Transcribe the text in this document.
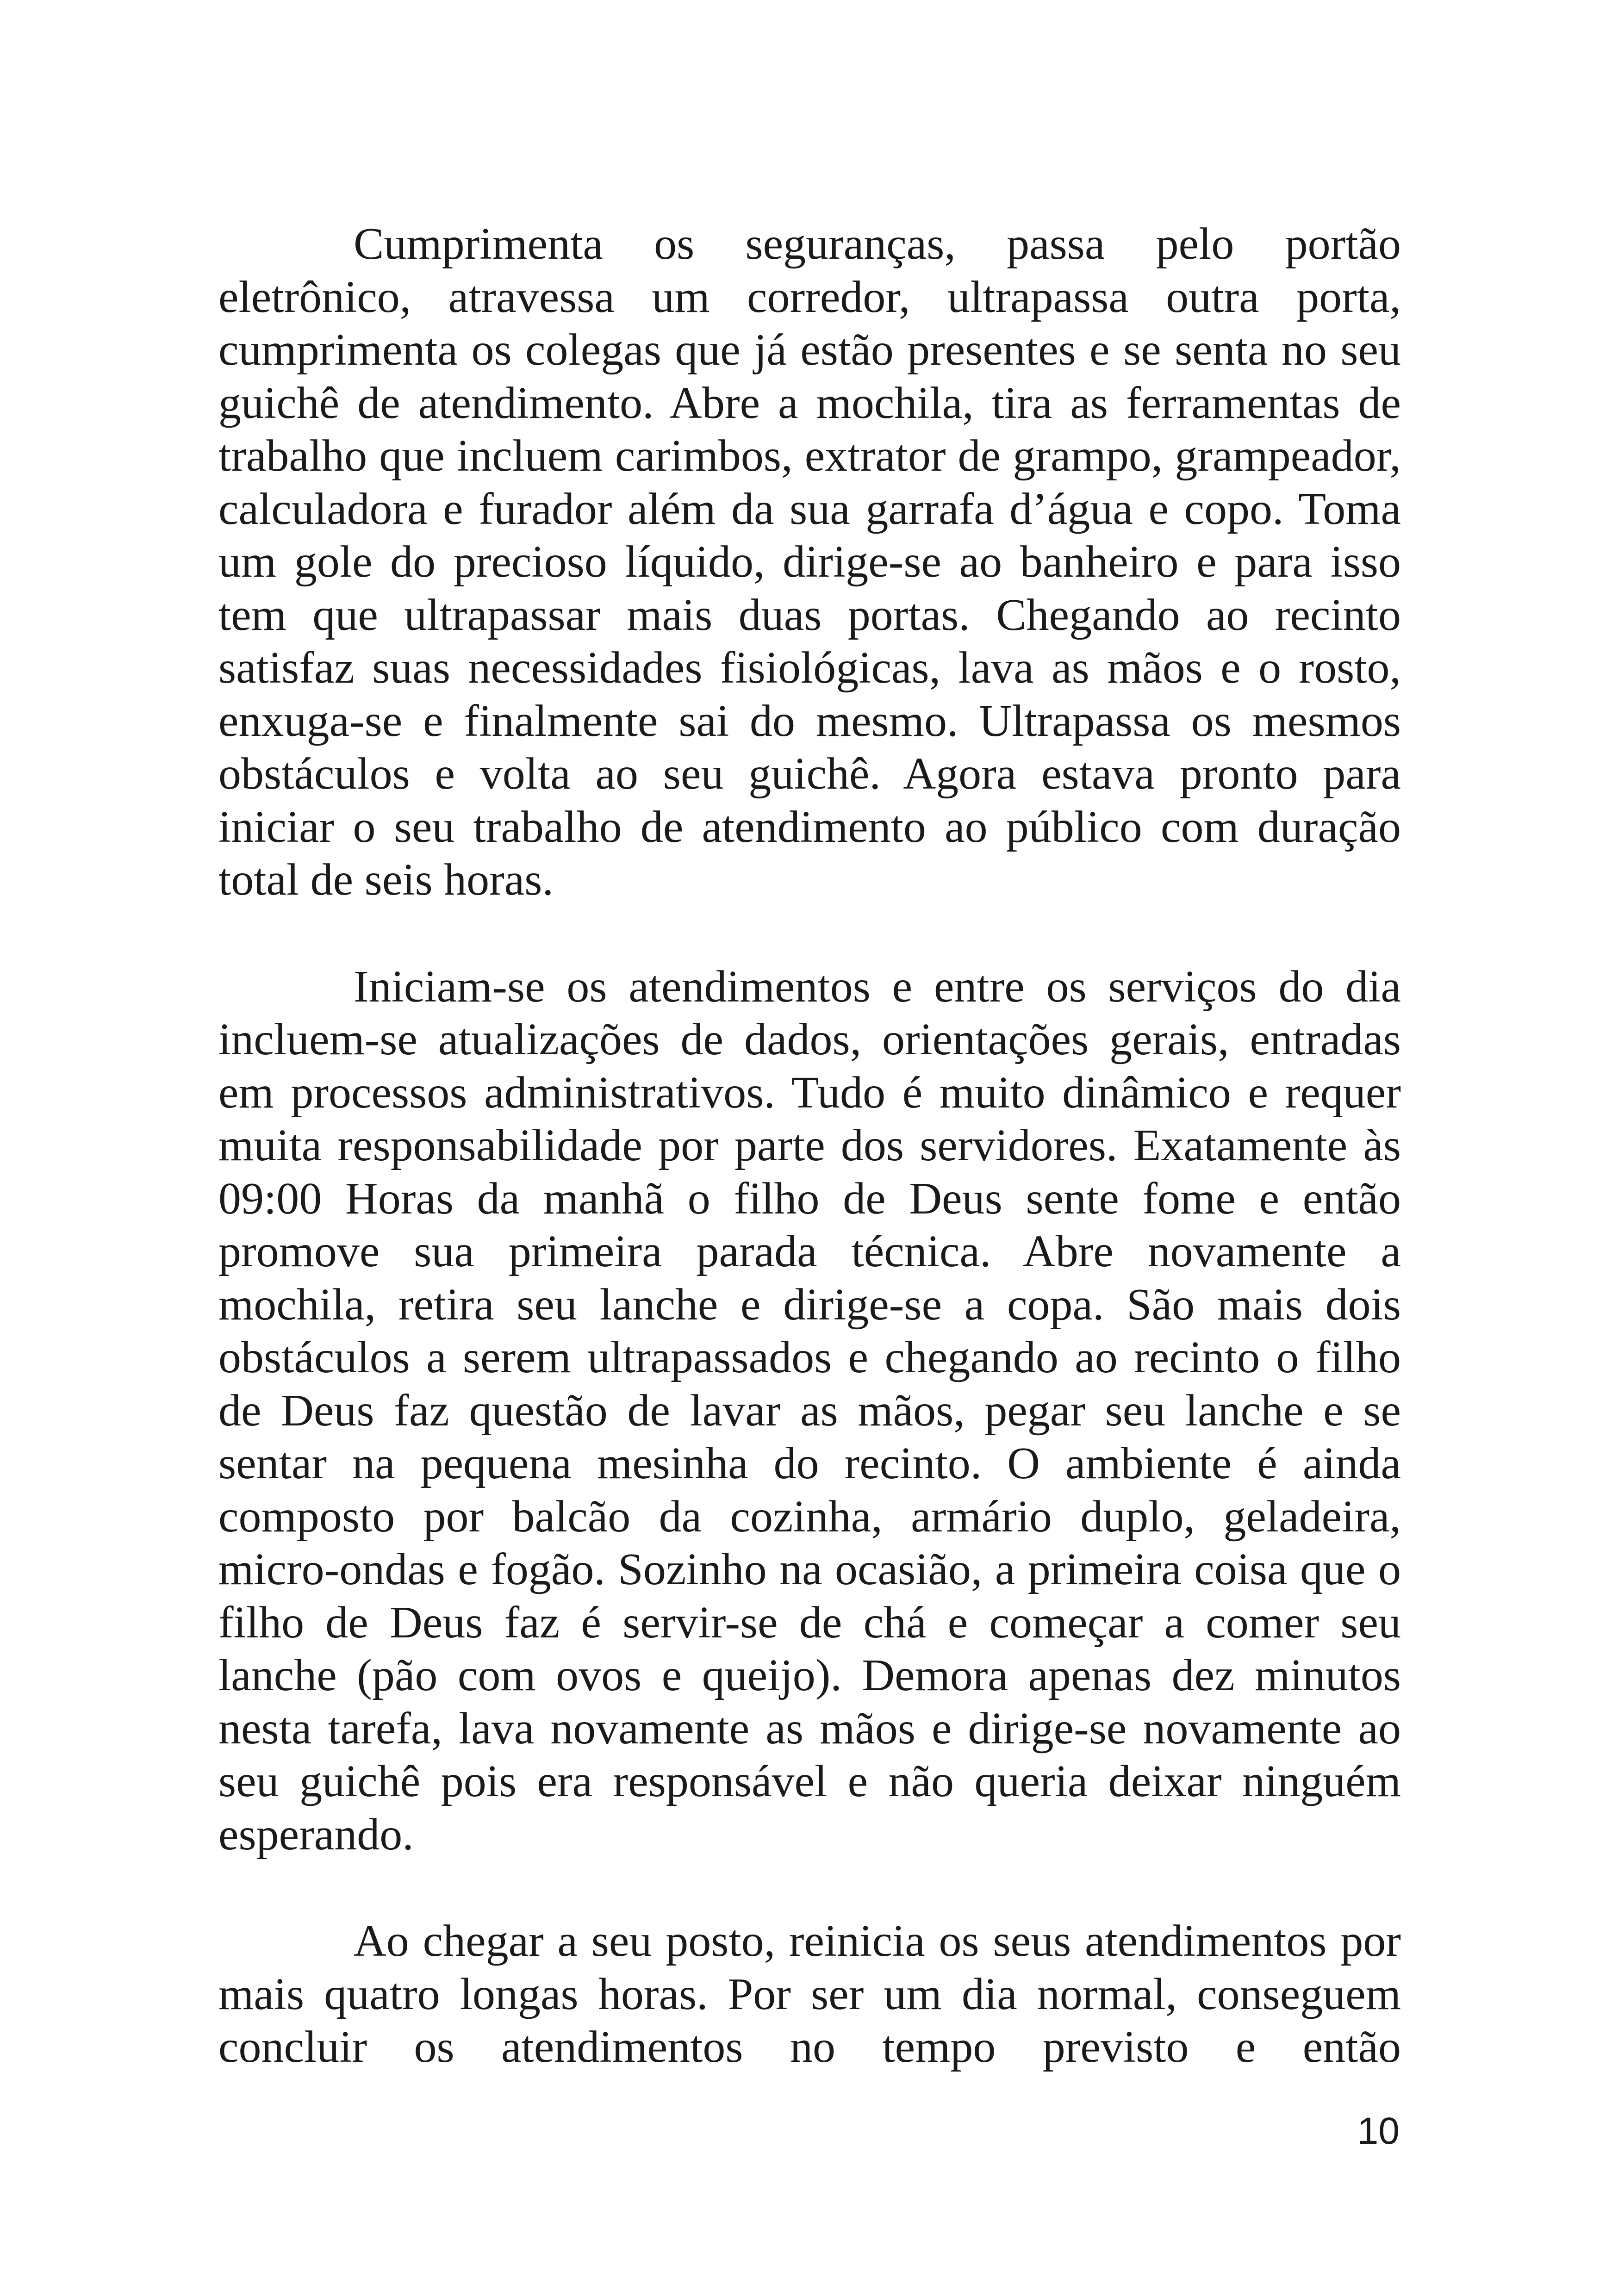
Cumprimenta os seguranças, passa pelo portão eletrônico, atravessa um corredor, ultrapassa outra porta, cumprimenta os colegas que já estão presentes e se senta no seu guichê de atendimento. Abre a mochila, tira as ferramentas de trabalho que incluem carimbos, extrator de grampo, grampeador, calculadora e furador além da sua garrafa d’água e copo. Toma um gole do precioso líquido, dirige-se ao banheiro e para isso tem que ultrapassar mais duas portas. Chegando ao recinto satisfaz suas necessidades fisiológicas, lava as mãos e o rosto, enxuga-se e finalmente sai do mesmo. Ultrapassa os mesmos obstáculos e volta ao seu guichê. Agora estava pronto para iniciar o seu trabalho de atendimento ao público com duração total de seis horas.

Iniciam-se os atendimentos e entre os serviços do dia incluem-se atualizações de dados, orientações gerais, entradas em processos administrativos. Tudo é muito dinâmico e requer muita responsabilidade por parte dos servidores. Exatamente às 09:00 Horas da manhã o filho de Deus sente fome e então promove sua primeira parada técnica. Abre novamente a mochila, retira seu lanche e dirige-se a copa. São mais dois obstáculos a serem ultrapassados e chegando ao recinto o filho de Deus faz questão de lavar as mãos, pegar seu lanche e se sentar na pequena mesinha do recinto. O ambiente é ainda composto por balcão da cozinha, armário duplo, geladeira, micro-ondas e fogão. Sozinho na ocasião, a primeira coisa que o filho de Deus faz é servir-se de chá e começar a comer seu lanche (pão com ovos e queijo). Demora apenas dez minutos nesta tarefa, lava novamente as mãos e dirige-se novamente ao seu guichê pois era responsável e não queria deixar ninguém esperando.

Ao chegar a seu posto, reinicia os seus atendimentos por mais quatro longas horas. Por ser um dia normal, conseguem concluir os atendimentos no tempo previsto e então

10
